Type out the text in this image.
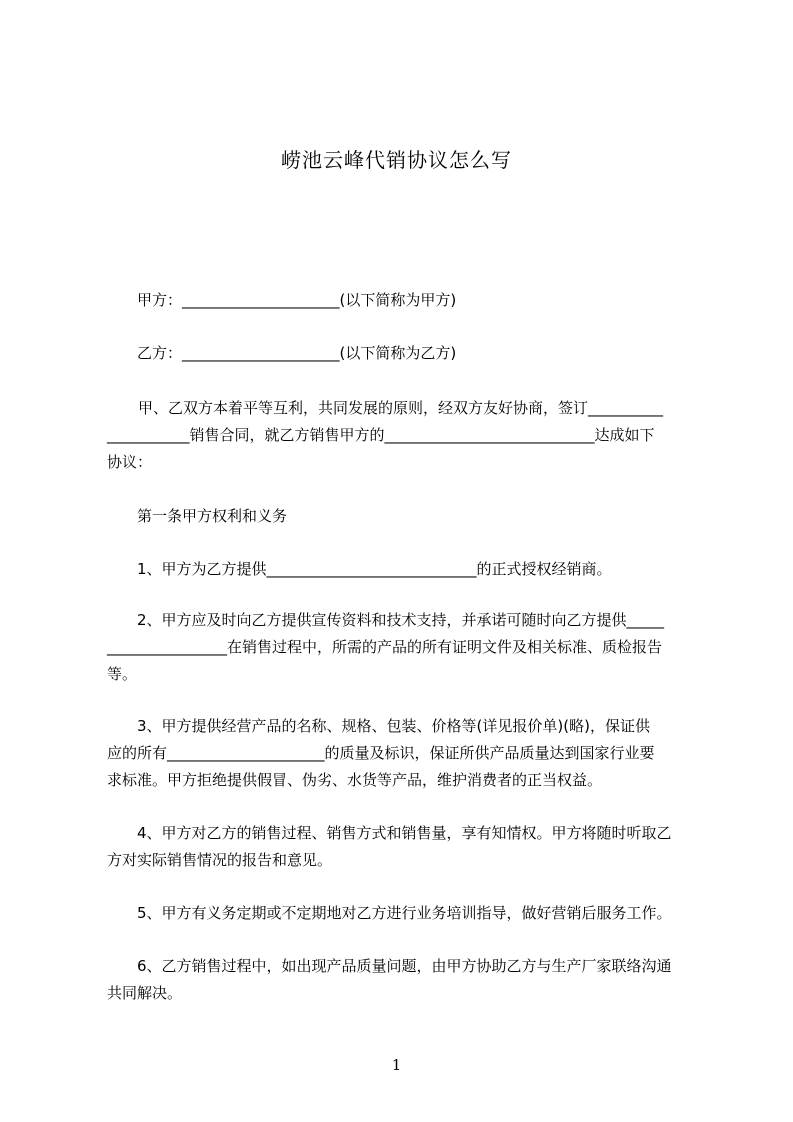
崂池云峰代销协议怎么写
甲方：_____________________(以下简称为甲方)
乙方：_____________________(以下简称为乙方)
甲、乙双方本着平等互利，共同发展的原则，经双方友好协商，签订__________
___________销售合同，就乙方销售甲方的____________________________达成如下
协议：
第一条甲方权利和义务
1、甲方为乙方提供____________________________的正式授权经销商。
2、甲方应及时向乙方提供宣传资料和技术支持，并承诺可随时向乙方提供_____
________________在销售过程中，所需的产品的所有证明文件及相关标准、质检报告
等。
3、甲方提供经营产品的名称、规格、包装、价格等(详见报价单)(略)，保证供
应的所有_____________________的质量及标识，保证所供产品质量达到国家行业要
求标准。甲方拒绝提供假冒、伪劣、水货等产品，维护消费者的正当权益。
4、甲方对乙方的销售过程、销售方式和销售量，享有知情权。甲方将随时听取乙
方对实际销售情况的报告和意见。
5、甲方有义务定期或不定期地对乙方进行业务培训指导，做好营销后服务工作。
6、乙方销售过程中，如出现产品质量问题，由甲方协助乙方与生产厂家联络沟通
共同解决。
1
